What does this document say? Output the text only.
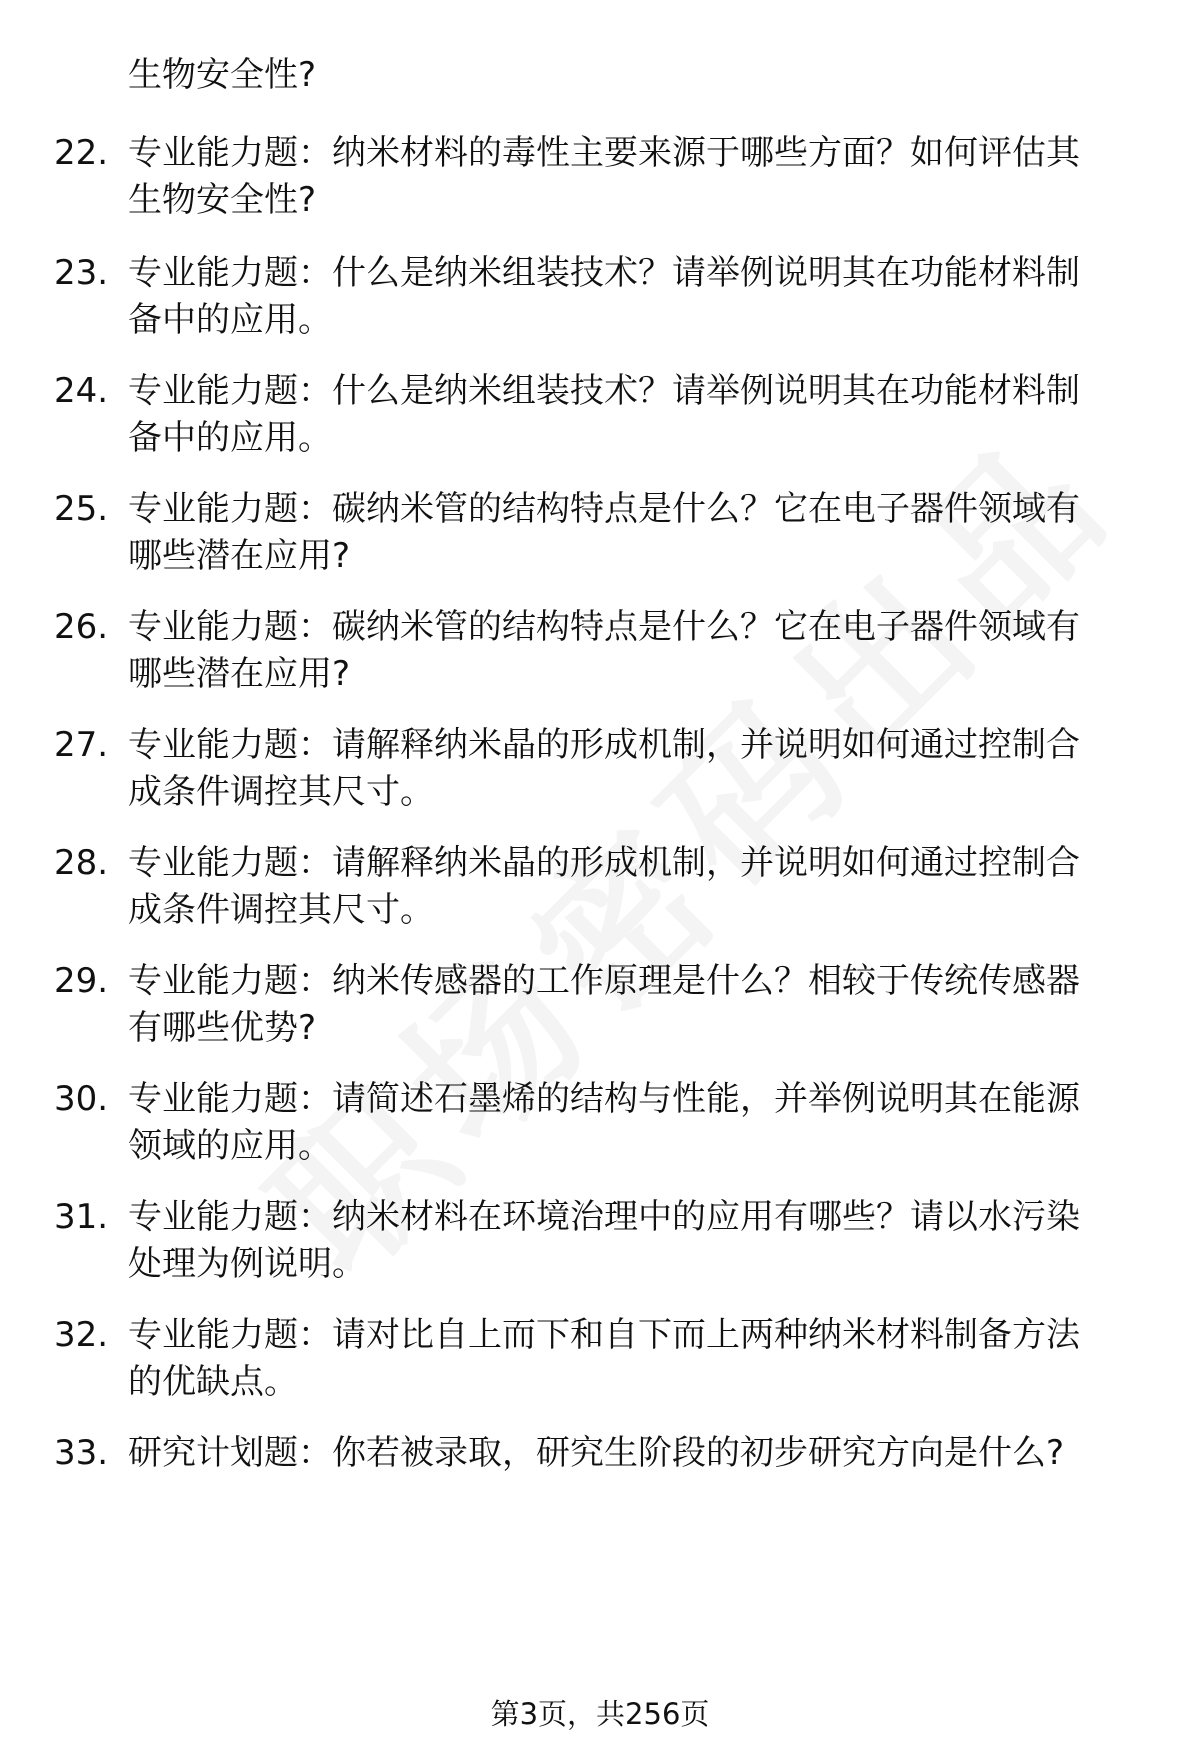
生物安全性?
22. 专业能力题：纳米材料的毒性主要来源于哪些方面？如何评估其
生物安全性?
23. 专业能力题：什么是纳米组装技术？请举例说明其在功能材料制
备中的应用。
24. 专业能力题：什么是纳米组装技术？请举例说明其在功能材料制
备中的应用。
25. 专业能力题：碳纳米管的结构特点是什么？它在电子器件领域有
哪些潜在应用?
26. 专业能力题：碳纳米管的结构特点是什么？它在电子器件领域有
哪些潜在应用?
27. 专业能力题：请解释纳米晶的形成机制，并说明如何通过控制合
成条件调控其尺寸。
28. 专业能力题：请解释纳米晶的形成机制，并说明如何通过控制合
成条件调控其尺寸。
29. 专业能力题：纳米传感器的工作原理是什么？相较于传统传感器
有哪些优势?
30. 专业能力题：请简述石墨烯的结构与性能，并举例说明其在能源
领域的应用。
31. 专业能力题：纳米材料在环境治理中的应用有哪些？请以水污染
处理为例说明。
32. 专业能力题：请对比自上而下和自下而上两种纳米材料制备方法
的优缺点。
33. 研究计划题：你若被录取，研究生阶段的初步研究方向是什么?
第3页，共256页
